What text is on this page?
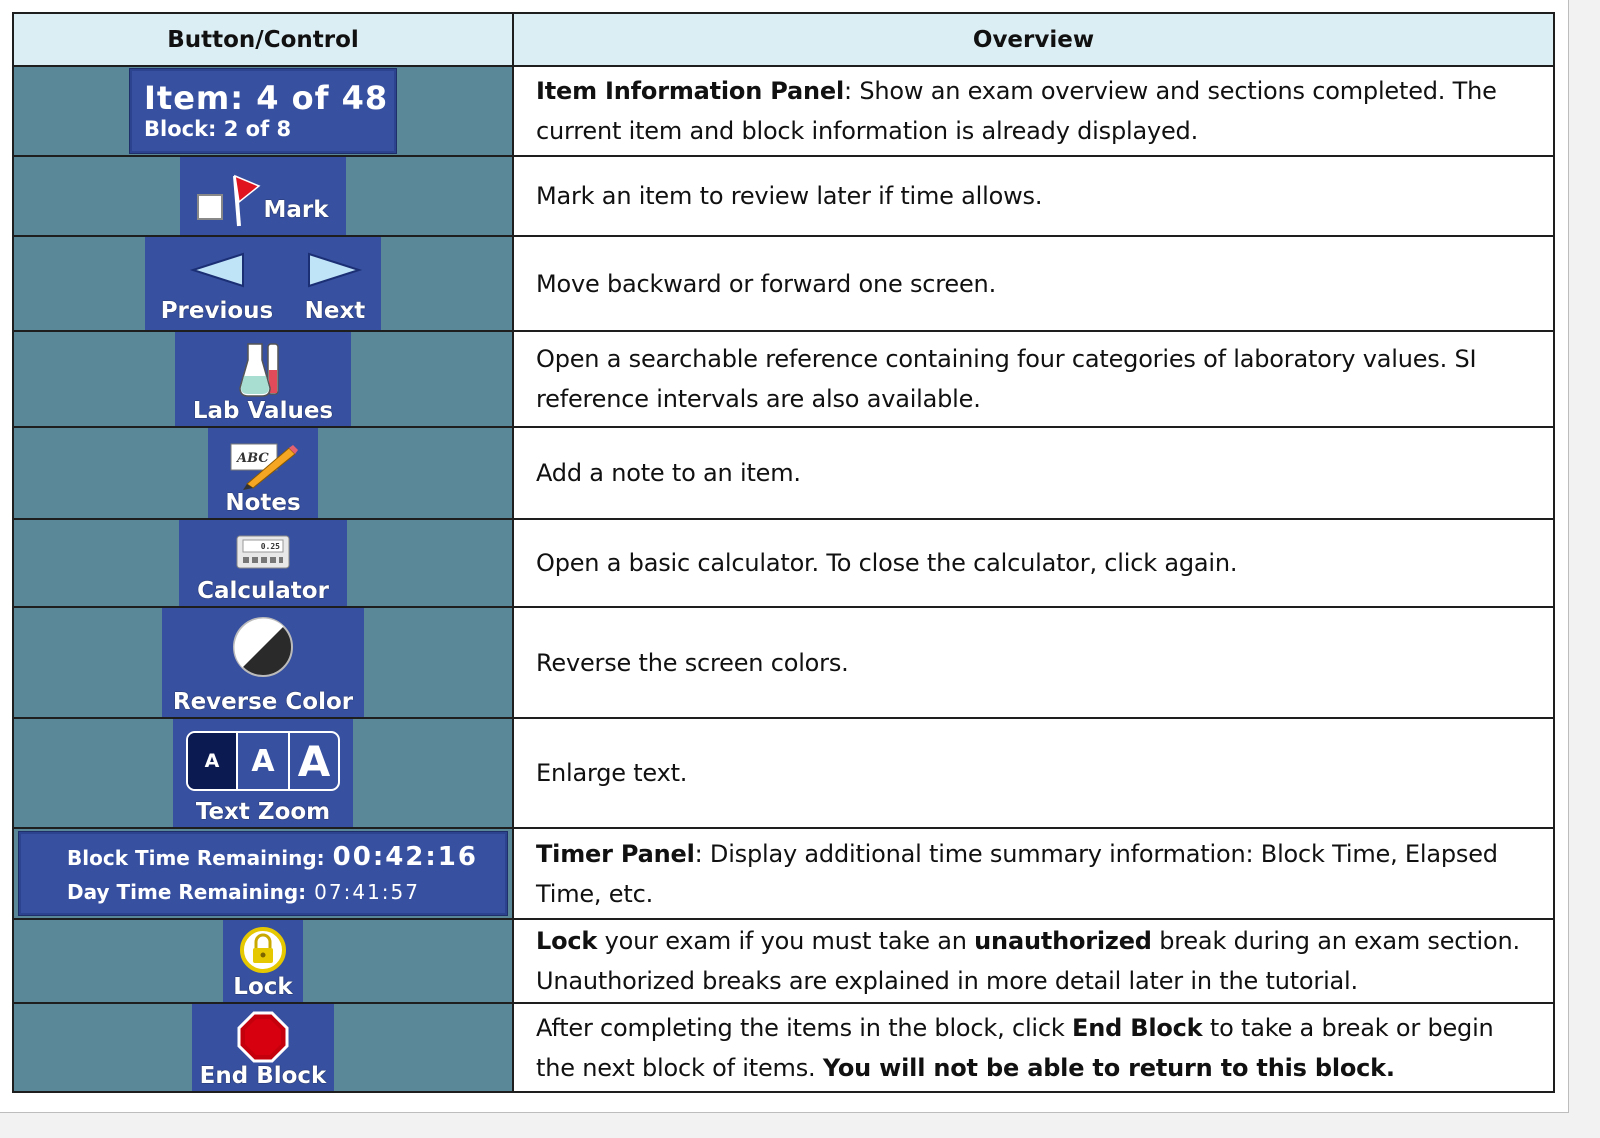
Button/Control	Overview

Item: 4 of 48
Block: 2 of 8	Item Information Panel: Show an exam overview and sections completed. The current item and block information is already displayed.

Mark	Mark an item to review later if time allows.

Previous Next	Move backward or forward one screen.

Lab Values	Open a searchable reference containing four categories of laboratory values. SI reference intervals are also available.

ABC
Notes	Add a note to an item.

0.25
Calculator	Open a basic calculator. To close the calculator, click again.

Reverse Color	Reverse the screen colors.

A A A
Text Zoom	Enlarge text.

Block Time Remaining: 00:42:16
Day Time Remaining: 07:41:57	Timer Panel: Display additional time summary information: Block Time, Elapsed Time, etc.

Lock	Lock your exam if you must take an unauthorized break during an exam section. Unauthorized breaks are explained in more detail later in the tutorial.

End Block	After completing the items in the block, click End Block to take a break or begin the next block of items. You will not be able to return to this block.
